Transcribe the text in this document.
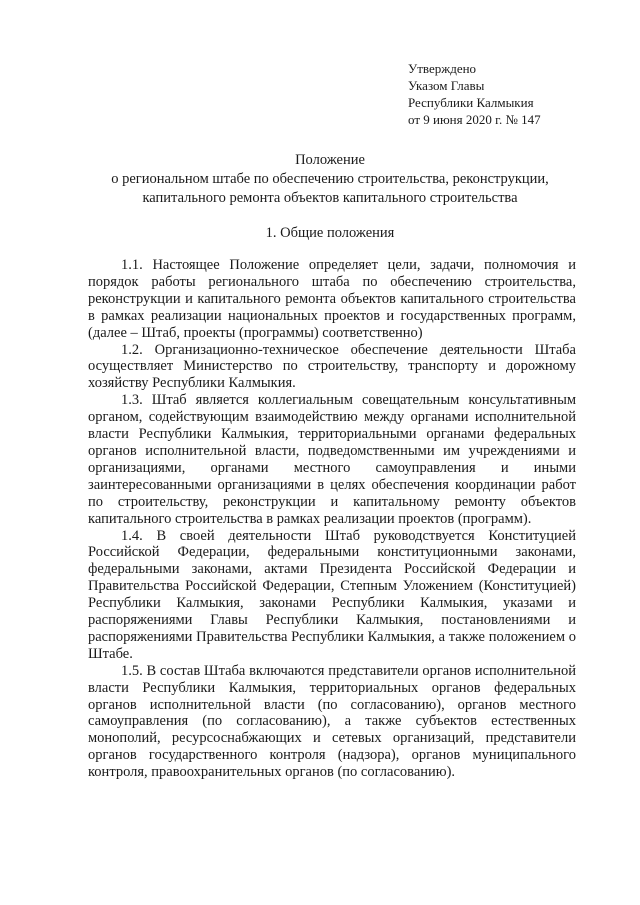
Утверждено
Указом Главы
Республики Калмыкия
от 9 июня 2020 г. № 147
Положение
о региональном штабе по обеспечению строительства, реконструкции,
капитального ремонта объектов капитального строительства
1. Общие положения

1.1. Настоящее Положение определяет цели, задачи, полномочия и порядок работы регионального штаба по обеспечению строительства, реконструкции и капитального ремонта объектов капитального строительства в рамках реализации национальных проектов и государственных программ, (далее – Штаб, проекты (программы) соответственно)

1.2. Организационно-техническое обеспечение деятельности Штаба осуществляет Министерство по строительству, транспорту и дорожному хозяйству Республики Калмыкия.

1.3. Штаб является коллегиальным совещательным консультативным органом, содействующим взаимодействию между органами исполнительной власти Республики Калмыкия, территориальными органами федеральных органов исполнительной власти, подведомственными им учреждениями и организациями, органами местного самоуправления и иными заинтересованными организациями в целях обеспечения координации работ по строительству, реконструкции и капитальному ремонту объектов капитального строительства в рамках реализации проектов (программ).

1.4. В своей деятельности Штаб руководствуется Конституцией Российской Федерации, федеральными конституционными законами, федеральными законами, актами Президента Российской Федерации и Правительства Российской Федерации, Степным Уложением (Конституцией) Республики Калмыкия, законами Республики Калмыкия, указами и распоряжениями Главы Республики Калмыкия, постановлениями и распоряжениями Правительства Республики Калмыкия, а также положением о Штабе.

1.5. В состав Штаба включаются представители органов исполнительной власти Республики Калмыкия, территориальных органов федеральных органов исполнительной власти (по согласованию), органов местного самоуправления (по согласованию), а также субъектов естественных монополий, ресурсоснабжающих и сетевых организаций, представители органов государственного контроля (надзора), органов муниципального контроля, правоохранительных органов (по согласованию).
